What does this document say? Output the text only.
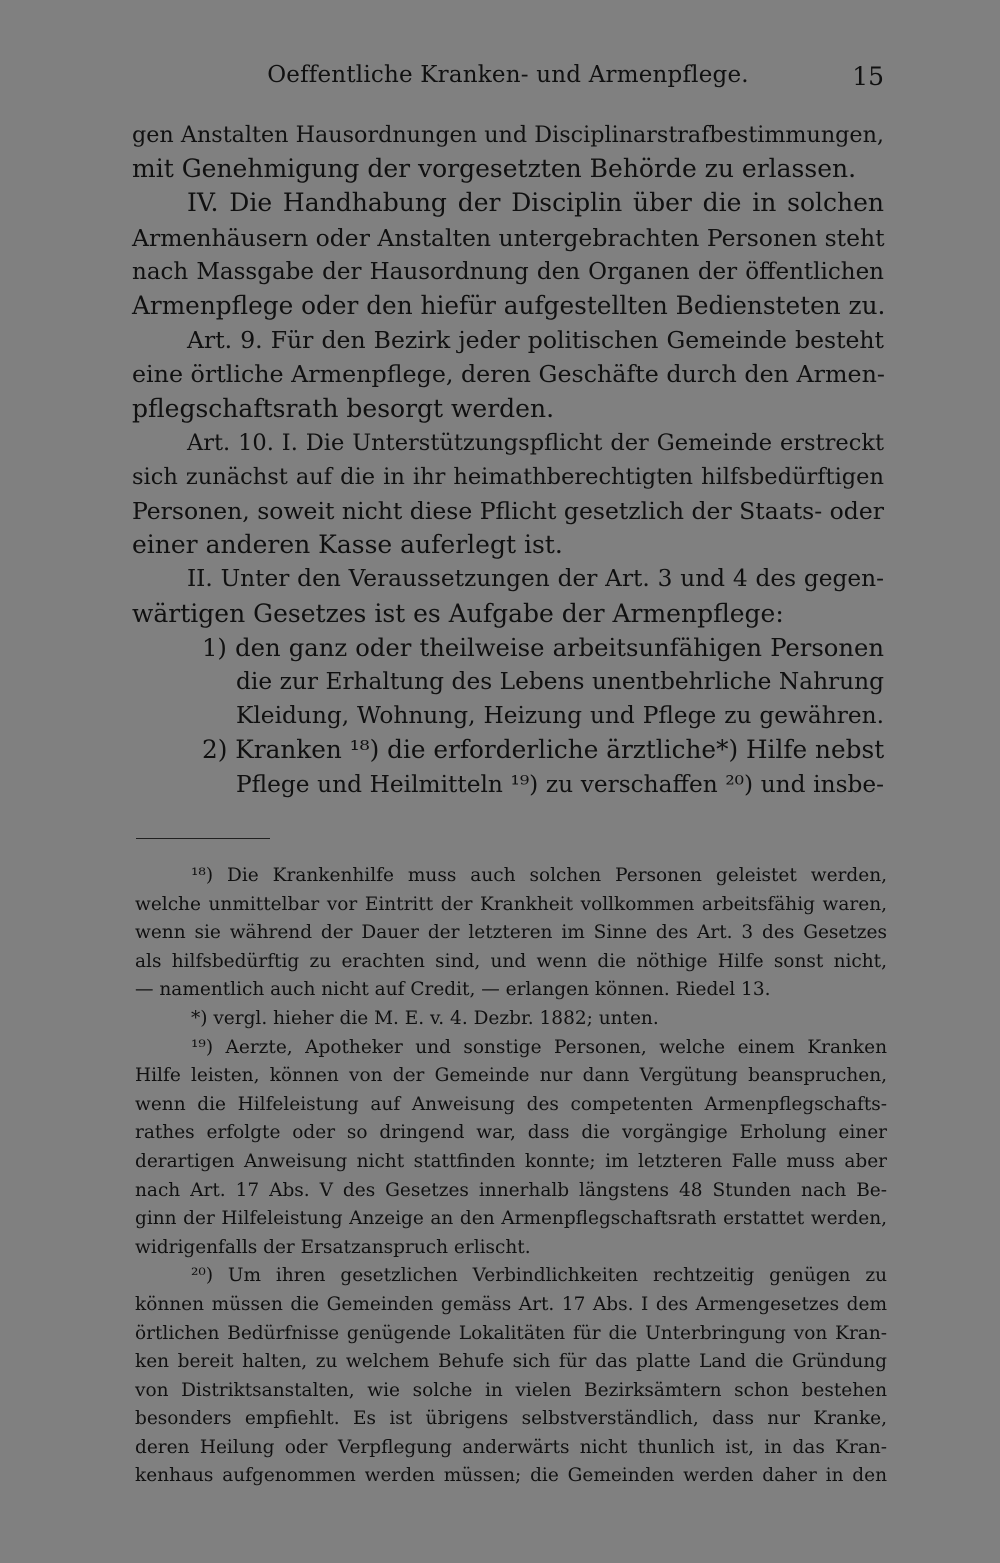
Oeffentliche Kranken- und Armenpflege.	15
gen Anstalten Hausordnungen und Disciplinarstrafbestimmungen,
mit Genehmigung der vorgesetzten Behörde zu erlassen.
IV. Die Handhabung der Disciplin über die in solchen
Armenhäusern oder Anstalten untergebrachten Personen steht
nach Massgabe der Hausordnung den Organen der öffentlichen
Armenpflege oder den hiefür aufgestellten Bediensteten zu.
Art. 9. Für den Bezirk jeder politischen Gemeinde besteht
eine örtliche Armenpflege, deren Geschäfte durch den Armen-
pflegschaftsrath besorgt werden.
Art. 10. I. Die Unterstützungspflicht der Gemeinde erstreckt
sich zunächst auf die in ihr heimathberechtigten hilfsbedürftigen
Personen, soweit nicht diese Pflicht gesetzlich der Staats- oder
einer anderen Kasse auferlegt ist.
II. Unter den Veraussetzungen der Art. 3 und 4 des gegen-
wärtigen Gesetzes ist es Aufgabe der Armenpflege:
1) den ganz oder theilweise arbeitsunfähigen Personen
die zur Erhaltung des Lebens unentbehrliche Nahrung
Kleidung, Wohnung, Heizung und Pflege zu gewähren.
2) Kranken ¹⁸) die erforderliche ärztliche*) Hilfe nebst
Pflege und Heilmitteln ¹⁹) zu verschaffen ²⁰) und insbe-
¹⁸) Die Krankenhilfe muss auch solchen Personen geleistet werden,
welche unmittelbar vor Eintritt der Krankheit vollkommen arbeitsfähig waren,
wenn sie während der Dauer der letzteren im Sinne des Art. 3 des Gesetzes
als hilfsbedürftig zu erachten sind, und wenn die nöthige Hilfe sonst nicht,
— namentlich auch nicht auf Credit, — erlangen können. Riedel 13.
*) vergl. hieher die M. E. v. 4. Dezbr. 1882; unten.
¹⁹) Aerzte, Apotheker und sonstige Personen, welche einem Kranken
Hilfe leisten, können von der Gemeinde nur dann Vergütung beanspruchen,
wenn die Hilfeleistung auf Anweisung des competenten Armenpflegschafts-
rathes erfolgte oder so dringend war, dass die vorgängige Erholung einer
derartigen Anweisung nicht stattfinden konnte; im letzteren Falle muss aber
nach Art. 17 Abs. V des Gesetzes innerhalb längstens 48 Stunden nach Be-
ginn der Hilfeleistung Anzeige an den Armenpflegschaftsrath erstattet werden,
widrigenfalls der Ersatzanspruch erlischt.
²⁰) Um ihren gesetzlichen Verbindlichkeiten rechtzeitig genügen zu
können müssen die Gemeinden gemäss Art. 17 Abs. I des Armengesetzes dem
örtlichen Bedürfnisse genügende Lokalitäten für die Unterbringung von Kran-
ken bereit halten, zu welchem Behufe sich für das platte Land die Gründung
von Distriktsanstalten, wie solche in vielen Bezirksämtern schon bestehen
besonders empfiehlt. Es ist übrigens selbstverständlich, dass nur Kranke,
deren Heilung oder Verpflegung anderwärts nicht thunlich ist, in das Kran-
kenhaus aufgenommen werden müssen; die Gemeinden werden daher in den
